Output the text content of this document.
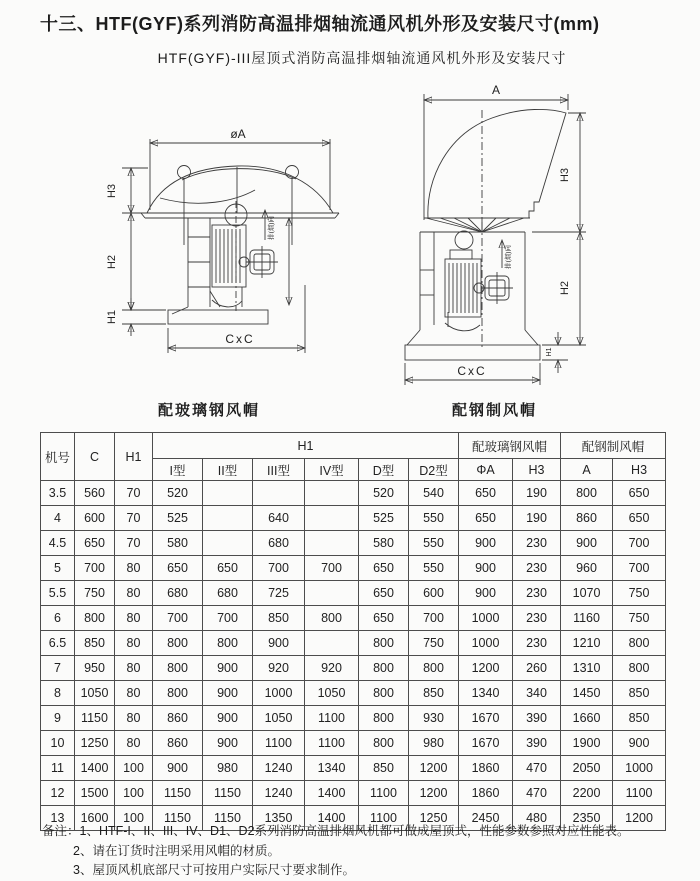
十三、HTF(GYF)系列消防高温排烟轴流通风机外形及安装尺寸(mm)
HTF(GYF)-III屋顶式消防高温排烟轴流通风机外形及安装尺寸
øA
排(烟)向
H3
H2
H1
CxC
A
排(烟)向
H3
H2
H1
CxC
配玻璃钢风帽	配钢制风帽
机号	C	H1	H1						配玻璃钢风帽		配钢制风帽	
			I型	II型	III型	IV型	D型	D2型	ΦA	H3	A	H3
3.5	560	70	520				520	540	650	190	800	650
4	600	70	525		640		525	550	650	190	860	650
4.5	650	70	580		680		580	550	900	230	900	700
5	700	80	650	650	700	700	650	550	900	230	960	700
5.5	750	80	680	680	725		650	600	900	230	1070	750
6	800	80	700	700	850	800	650	700	1000	230	1160	750
6.5	850	80	800	800	900		800	750	1000	230	1210	800
7	950	80	800	900	920	920	800	800	1200	260	1310	800
8	1050	80	800	900	1000	1050	800	850	1340	340	1450	850
9	1150	80	860	900	1050	1100	800	930	1670	390	1660	850
10	1250	80	860	900	1100	1100	800	980	1670	390	1900	900
11	1400	100	900	980	1240	1340	850	1200	1860	470	2050	1000
12	1500	100	1150	1150	1240	1400	1100	1200	1860	470	2200	1100
13	1600	100	1150	1150	1350	1400	1100	1250	2450	480	2350	1200
备注：1、HTF-I、II、III、IV、D1、D2系列消防高温排烟风机都可做成屋顶式，性能参数参照对应性能表。
2、请在订货时注明采用风帽的材质。
3、屋顶风机底部尺寸可按用户实际尺寸要求制作。
